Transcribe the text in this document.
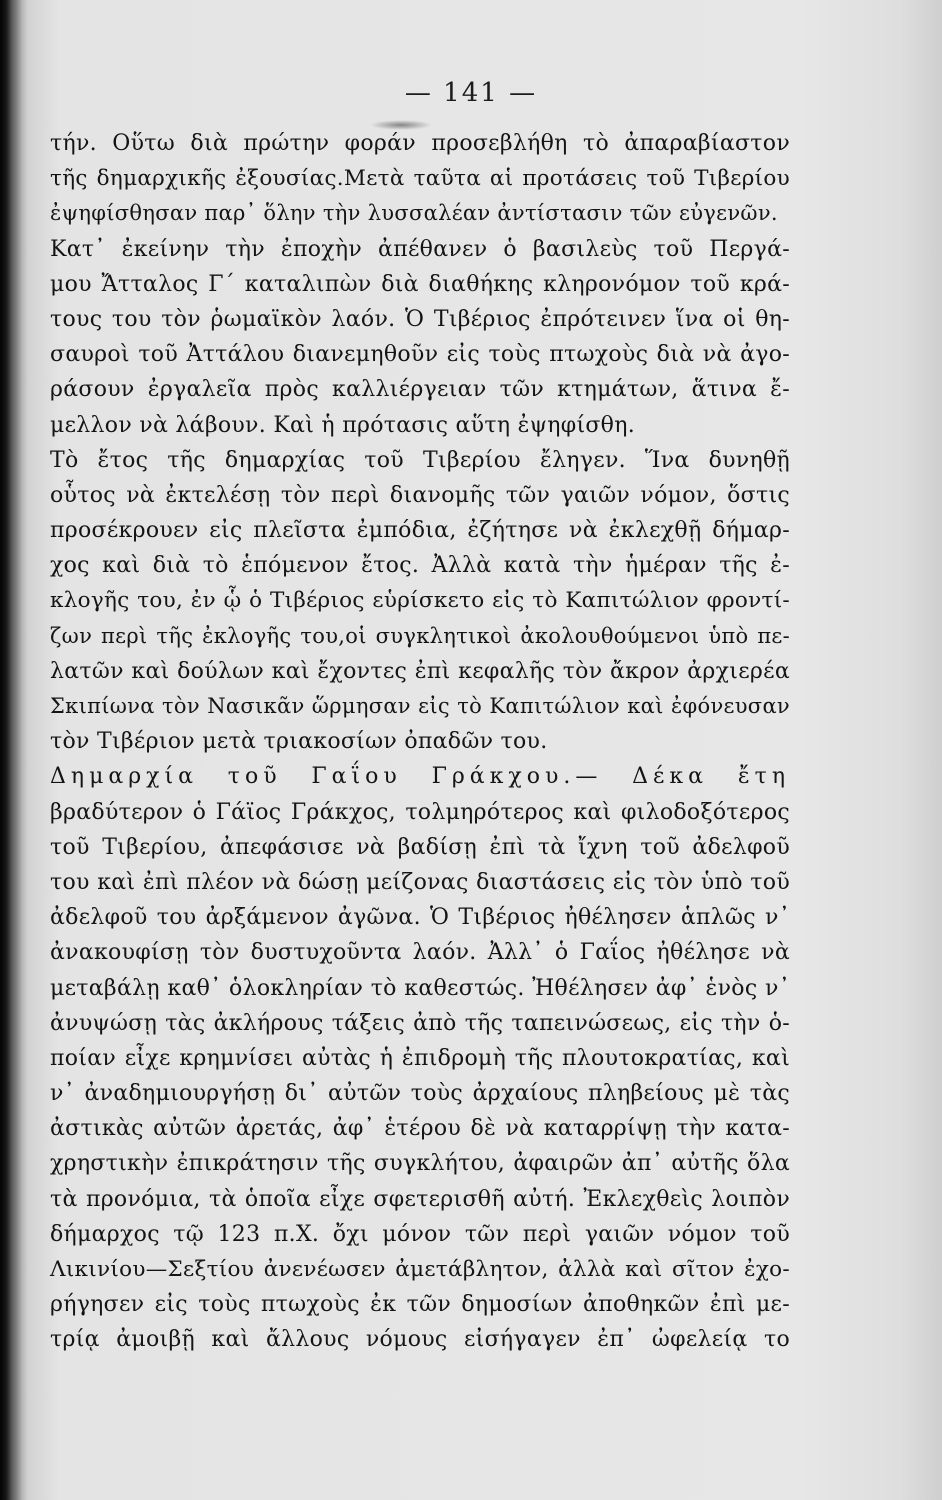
— 141 —
τήν. Οὕτω διὰ πρώτην φοράν προσεβλήθη τὸ ἀπαραβίαστον
τῆς δημαρχικῆς ἐξουσίας.Μετὰ ταῦτα αἱ προτάσεις τοῦ Τιβερίου
ἐψηφίσθησαν παρ᾽ ὅλην τὴν λυσσαλέαν ἀντίστασιν τῶν εὐγενῶν.
Κατ᾽ ἐκείνην τὴν ἐποχὴν ἀπέθανεν ὁ βασιλεὺς τοῦ Περγά-
μου Ἄτταλος Γ΄ καταλιπὼν διὰ διαθήκης κληρονόμον τοῦ κρά-
τους του τὸν ῥωμαϊκὸν λαόν. Ὁ Τιβέριος ἐπρότεινεν ἵνα οἱ θη-
σαυροὶ τοῦ Ἀττάλου διανεμηθοῦν εἰς τοὺς πτωχοὺς διὰ νὰ ἀγο-
ράσουν ἐργαλεῖα πρὸς καλλιέργειαν τῶν κτημάτων, ἅτινα ἔ-
μελλον νὰ λάβουν. Καὶ ἡ πρότασις αὕτη ἐψηφίσθη.
Τὸ ἔτος τῆς δημαρχίας τοῦ Τιβερίου ἔληγεν. Ἵνα δυνηθῇ
οὗτος νὰ ἐκτελέσῃ τὸν περὶ διανομῆς τῶν γαιῶν νόμον, ὅστις
προσέκρουεν εἰς πλεῖστα ἐμπόδια, ἐζήτησε νὰ ἐκλεχθῇ δήμαρ-
χος καὶ διὰ τὸ ἑπόμενον ἔτος. Ἀλλὰ κατὰ τὴν ἡμέραν τῆς ἐ-
κλογῆς του, ἐν ᾧ ὁ Τιβέριος εὑρίσκετο εἰς τὸ Καπιτώλιον φροντί-
ζων περὶ τῆς ἐκλογῆς του,οἱ συγκλητικοὶ ἀκολουθούμενοι ὑπὸ πε-
λατῶν καὶ δούλων καὶ ἔχοντες ἐπὶ κεφαλῆς τὸν ἄκρον ἀρχιερέα
Σκιπίωνα τὸν Νασικᾶν ὥρμησαν εἰς τὸ Καπιτώλιον καὶ ἐφόνευσαν
τὸν Τιβέριον μετὰ τριακοσίων ὀπαδῶν του.
Δημαρχία τοῦ Γαΐου Γράκχου.— Δέκα ἔτη
βραδύτερον ὁ Γάϊος Γράκχος, τολμηρότερος καὶ φιλοδοξότερος
τοῦ Τιβερίου, ἀπεφάσισε νὰ βαδίσῃ ἐπὶ τὰ ἴχνη τοῦ ἀδελφοῦ
του καὶ ἐπὶ πλέον νὰ δώσῃ μείζονας διαστάσεις εἰς τὸν ὑπὸ τοῦ
ἀδελφοῦ του ἀρξάμενον ἀγῶνα. Ὁ Τιβέριος ἠθέλησεν ἁπλῶς ν᾽
ἀνακουφίσῃ τὸν δυστυχοῦντα λαόν. Ἀλλ᾽ ὁ Γαΐος ἠθέλησε νὰ
μεταβάλῃ καθ᾽ ὁλοκληρίαν τὸ καθεστώς. Ἠθέλησεν ἀφ᾽ ἑνὸς ν᾽
ἀνυψώσῃ τὰς ἀκλήρους τάξεις ἀπὸ τῆς ταπεινώσεως, εἰς τὴν ὁ-
ποίαν εἶχε κρημνίσει αὐτὰς ἡ ἐπιδρομὴ τῆς πλουτοκρατίας, καὶ
ν᾽ ἀναδημιουργήσῃ δι᾽ αὐτῶν τοὺς ἀρχαίους πληβείους μὲ τὰς
ἀστικὰς αὐτῶν ἀρετάς, ἀφ᾽ ἑτέρου δὲ νὰ καταρρίψῃ τὴν κατα-
χρηστικὴν ἐπικράτησιν τῆς συγκλήτου, ἀφαιρῶν ἀπ᾽ αὐτῆς ὅλα
τὰ προνόμια, τὰ ὁποῖα εἶχε σφετερισθῆ αὐτή. Ἐκλεχθεὶς λοιπὸν
δήμαρχος τῷ 123 π.Χ. ὄχι μόνον τῶν περὶ γαιῶν νόμον τοῦ
Λικινίου—Σεξτίου ἀνενέωσεν ἀμετάβλητον, ἀλλὰ καὶ σῖτον ἐχο-
ρήγησεν εἰς τοὺς πτωχοὺς ἐκ τῶν δημοσίων ἀποθηκῶν ἐπὶ με-
τρίᾳ ἀμοιβῇ καὶ ἄλλους νόμους εἰσήγαγεν ἐπ᾽ ὠφελείᾳ το
